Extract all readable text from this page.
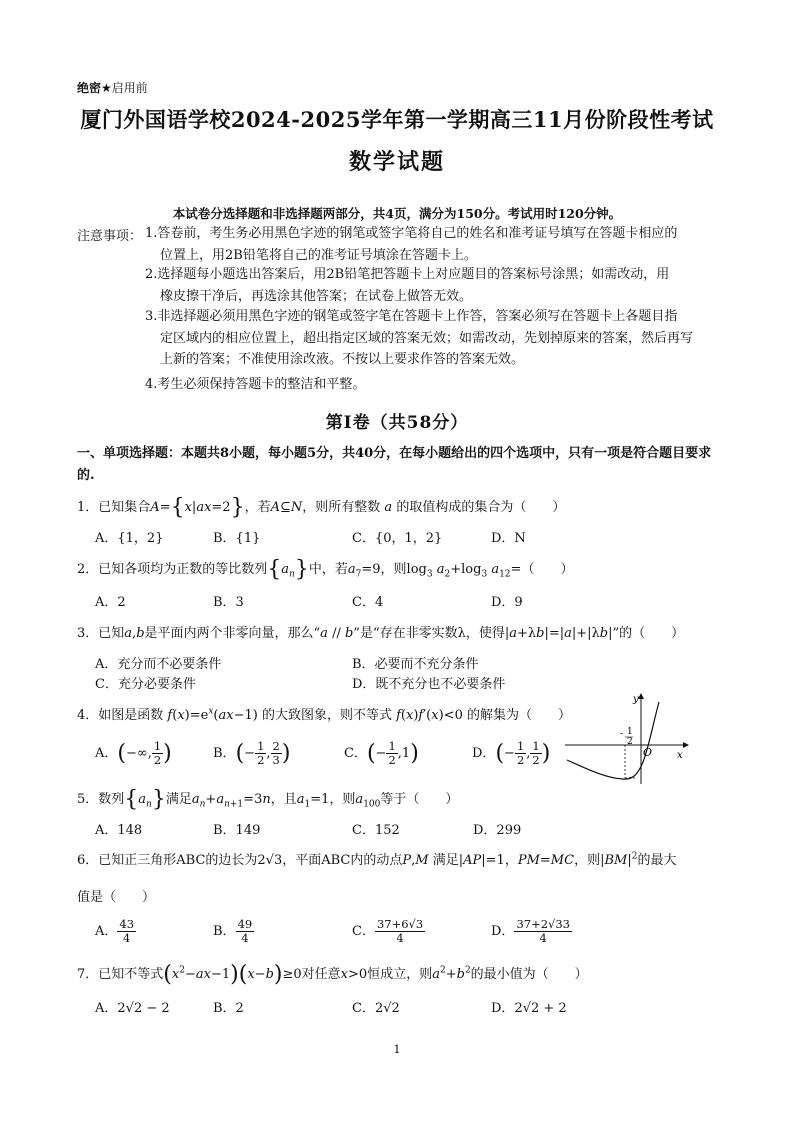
绝密★启用前
厦门外国语学校2024-2025学年第一学期高三11月份阶段性考试
数学试题
本试卷分选择题和非选择题两部分，共4页，满分为150分。考试用时120分钟。
注意事项： 1.答卷前，考生务必用黑色字迹的钢笔或签字笔将自己的姓名和准考证号填写在答题卡相应的
位置上，用2B铅笔将自己的准考证号填涂在答题卡上。
2.选择题每小题选出答案后，用2B铅笔把答题卡上对应题目的答案标号涂黑；如需改动，用
橡皮擦干净后，再选涂其他答案；在试卷上做答无效。
3.非选择题必须用黑色字迹的钢笔或签字笔在答题卡上作答，答案必须写在答题卡上各题目指
定区域内的相应位置上，超出指定区域的答案无效；如需改动，先划掉原来的答案，然后再写
上新的答案；不准使用涂改液。不按以上要求作答的答案无效。
4.考生必须保持答题卡的整洁和平整。
第Ⅰ卷（共58分）
一、单项选择题：本题共8小题，每小题5分，共40分，在每小题给出的四个选项中，只有一项是符合题目要求的.
1．已知集合A={x|ax=2}，若A⊆N，则所有整数 a 的取值构成的集合为（　　）
A．{1，2}	B．{1}	C．{0，1，2}	D．N
2．已知各项均为正数的等比数列$\{a_n\}$中，若$a_7=9$，则$\log_3 a_2+\log_3$ $a_{12}=$（　　）
A．2	B．3	C．4	D．9
3．已知a,b是平面内两个非零向量，那么“a // b”是“存在非零实数λ，使得|a+λb|=|a|+|λb|”的（　　）
A．充分而不必要条件	B．必要而不充分条件
C．充分必要条件	D．既不充分也不必要条件
4．如图是函数 $f(x)=e^x(ax-1)$ 的大致图象，则不等式 f(x)f′(x)<0 的解集为（　　）
A．(−∞, $\frac{1}{2}$ )	B．(− $\frac{1}{2}$ , $\frac{2}{3}$ )	C．(− $\frac{1}{2} ,1$)	D．(− $\frac{1}{2}$ , $\frac{1}{2}$ )
1
2
-
-
O x
y
5．数列$\{a_n\}$满足$a_n+a_{n+1}=3n$，且$a_1=1$，则$a_{100}$等于（　　）
A．148	B．149	C．152	D．299
6．已知正三角形ABC的边长为2√3，平面ABC内的动点P,M 满足|AP|=1，PM=MC，则$|BM|^2$的最大
值是（　　）
A． $\frac{43}{4}$	B． $\frac{49}{4}$	C． $\frac{37+6√3}{4}$	D． $\frac{37+2√33}{4}$
7．已知不等式$(x^2-ax-1)(x-b)\ge 0$对任意x>0恒成立，则$a^2+b^2$的最小值为（　　）
A．2√2 − 2	B．2	C．2√2	D．2√2 + 2
1
